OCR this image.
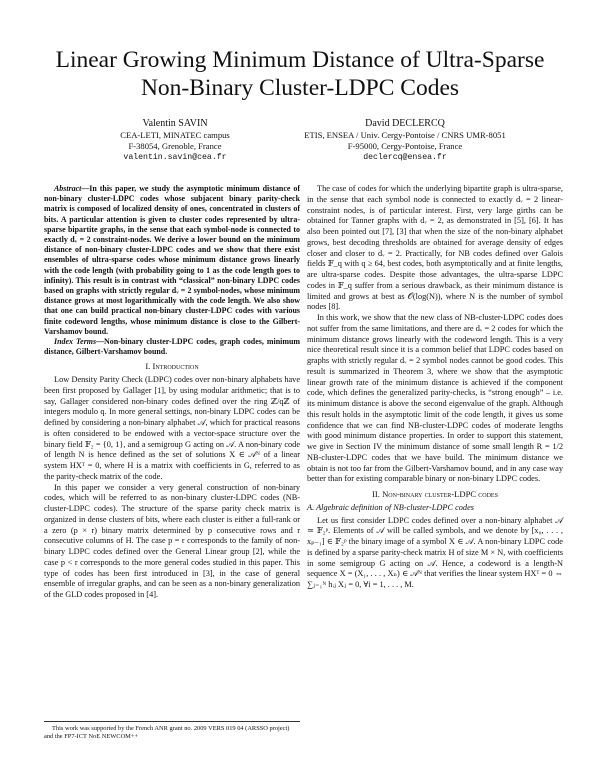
Linear Growing Minimum Distance of Ultra-Sparse
Non-Binary Cluster-LDPC Codes
Valentin SAVIN
CEA-LETI, MINATEC campus
F-38054, Grenoble, France
valentin.savin@cea.fr
David DECLERCQ
ETIS, ENSEA / Univ. Cergy-Pontoise / CNRS UMR-8051
F-95000, Cergy-Pontoise, France
declercq@ensea.fr

Abstract—In this paper, we study the asymptotic minimum distance of non-binary cluster-LDPC codes whose subjacent binary parity-check matrix is composed of localized density of ones, concentrated in clusters of bits. A particular attention is given to cluster codes represented by ultra-sparse bipartite graphs, in the sense that each symbol-node is connected to exactly dᵥ = 2 constraint-nodes. We derive a lower bound on the minimum distance of non-binary cluster-LDPC codes and we show that there exist ensembles of ultra-sparse codes whose minimum distance grows linearly with the code length (with probability going to 1 as the code length goes to infinity). This result is in contrast with “classical” non-binary LDPC codes based on graphs with strictly regular dᵥ = 2 symbol-nodes, whose minimum distance grows at most logarithmically with the code length. We also show that one can build practical non-binary cluster-LDPC codes with various finite codeword lengths, whose minimum distance is close to the Gilbert-Varshamov bound.

Index Terms—Non-binary cluster-LDPC codes, graph codes, minimum distance, Gilbert-Varshamov bound.

I. Introduction

Low Density Parity Check (LDPC) codes over non-binary alphabets have been first proposed by Gallager [1], by using modular arithmetic; that is to say, Gallager considered non-binary codes defined over the ring ℤ/qℤ of integers modulo q. In more general settings, non-binary LDPC codes can be defined by considering a non-binary alphabet 𝒜, which for practical reasons is often considered to be endowed with a vector-space structure over the binary field 𝔽₂ = {0, 1}, and a semigroup G acting on 𝒜. A non-binary code of length N is hence defined as the set of solutions X ∈ 𝒜ᴺ of a linear system HXᵀ = 0, where H is a matrix with coefficients in G, referred to as the parity-check matrix of the code.

In this paper we consider a very general construction of non-binary codes, which will be referred to as non-binary cluster-LDPC codes (NB-cluster-LDPC codes). The structure of the sparse parity check matrix is organized in dense clusters of bits, where each cluster is either a full-rank or a zero (p × r) binary matrix determined by p consecutive rows and r consecutive columns of H. The case p = r corresponds to the family of non-binary LDPC codes defined over the General Linear group [2], while the case p < r corresponds to the more general codes studied in this paper. This type of codes has been first introduced in [3], in the case of general ensemble of irregular graphs, and can be seen as a non-binary generalization of the GLD codes proposed in [4].

This work was supported by the French ANR grant no. 2009 VERS 019 04 (ARSSO project) and the FP7-ICT NoE NEWCOM++

The case of codes for which the underlying bipartite graph is ultra-sparse, in the sense that each symbol node is connected to exactly dᵥ = 2 linear-constraint nodes, is of particular interest. First, very large girths can be obtained for Tanner graphs with dᵥ = 2, as demonstrated in [5], [6]. It has also been pointed out [7], [3] that when the size of the non-binary alphabet grows, best decoding thresholds are obtained for average density of edges closer and closer to dᵥ = 2. Practically, for NB codes defined over Galois fields 𝔽_q with q ≥ 64, best codes, both asymptotically and at finite lengths, are ultra-sparse codes. Despite those advantages, the ultra-sparse LDPC codes in 𝔽_q suffer from a serious drawback, as their minimum distance is limited and grows at best as 𝒪(log(N)), where N is the number of symbol nodes [8].

In this work, we show that the new class of NB-cluster-LDPC codes does not suffer from the same limitations, and there are dᵥ = 2 codes for which the minimum distance grows linearly with the codeword length. This is a very nice theoretical result since it is a common belief that LDPC codes based on graphs with strictly regular dᵥ = 2 symbol nodes cannot be good codes. This result is summarized in Theorem 3, where we show that the asymptotic linear growth rate of the minimum distance is achieved if the component code, which defines the generalized parity-checks, is “strong enough” – i.e. its minimum distance is above the second eigenvalue of the graph. Although this result holds in the asymptotic limit of the code length, it gives us some confidence that we can find NB-cluster-LDPC codes of moderate lengths with good minimum distance properties. In order to support this statement, we give in Section IV the minimum distance of some small length R = 1/2 NB-cluster-LDPC codes that we have build. The minimum distance we obtain is not too far from the Gilbert-Varshamov bound, and in any case way better than for existing comparable binary or non-binary LDPC codes.

II. Non-binary cluster-LDPC codes
A. Algebraic definition of NB-cluster-LDPC codes

Let us first consider LDPC codes defined over a non-binary alphabet 𝒜 ≃ 𝔽₂ᵖ. Elements of 𝒜 will be called symbols, and we denote by [x₀, . . . , xₚ₋₁] ∈ 𝔽₂ᵖ the binary image of a symbol X ∈ 𝒜. A non-binary LDPC code is defined by a sparse parity-check matrix H of size M × N, with coefficients in some semigroup G acting on 𝒜. Hence, a codeword is a length-N sequence X = (X₁, . . . , Xₙ) ∈ 𝒜ᴺ that verifies the linear system HXᵀ = 0 ⇔ ∑ⱼ₌₁ᴺ hᵢⱼ Xⱼ = 0, ∀i = 1, . . . , M.
